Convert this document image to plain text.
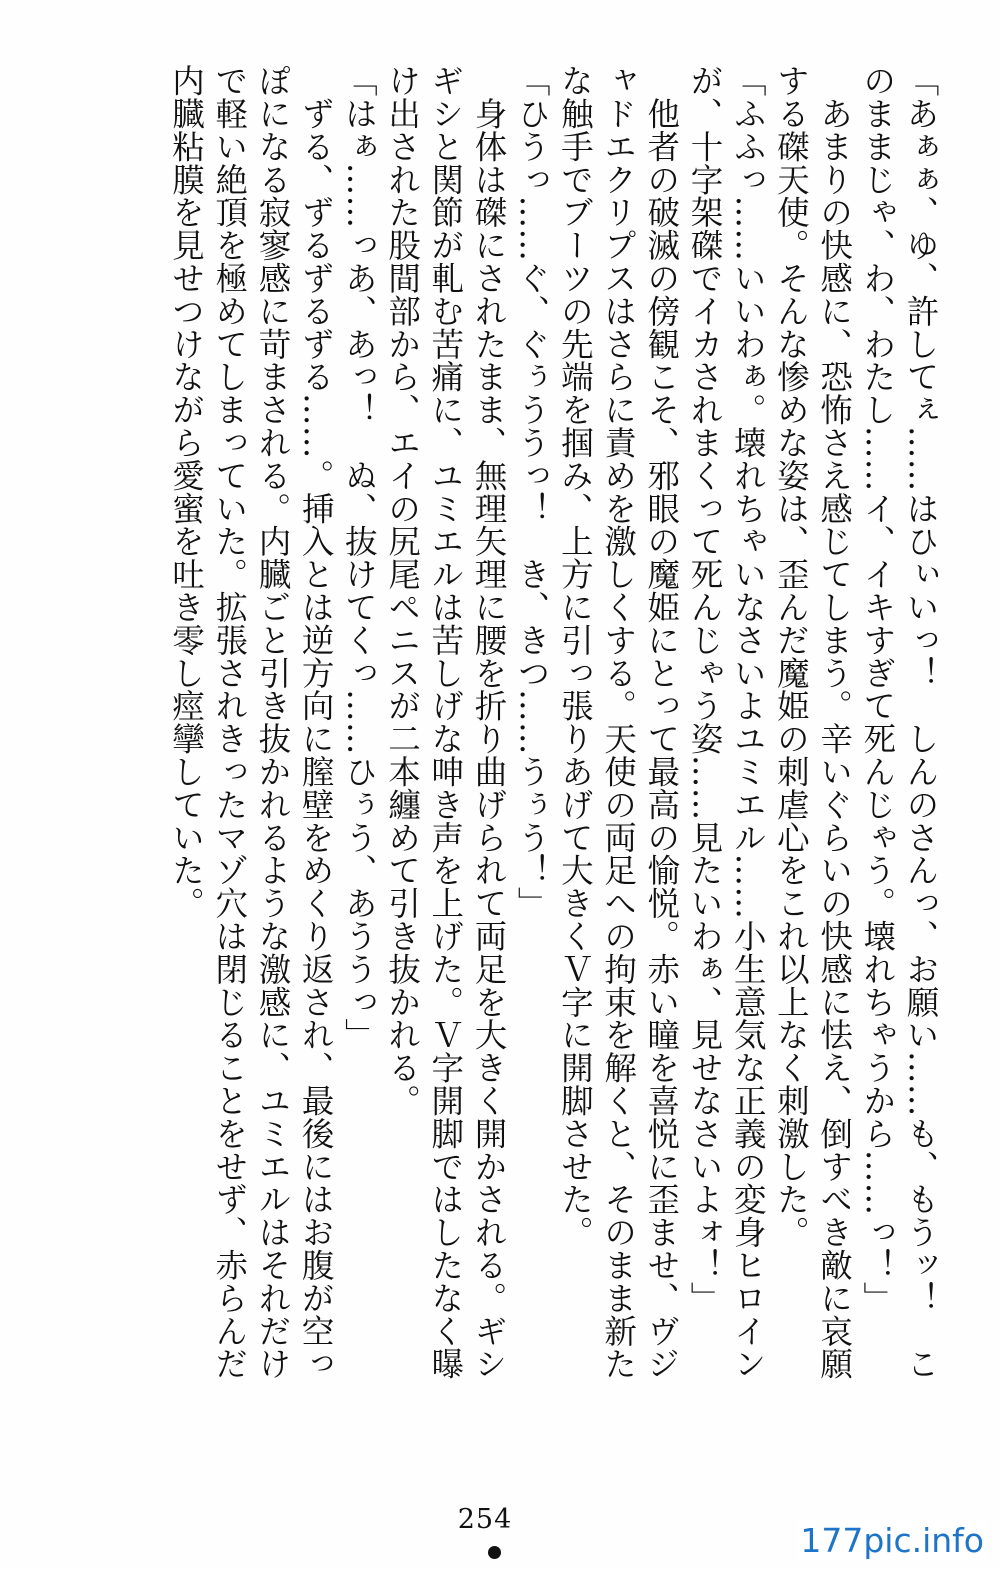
「あぁぁ、ゆ、許してぇ……はひぃいっ！　しんのさんっ、お願い……も、もうッ！　こ

のままじゃ、わ、わたし……イ、イキすぎて死んじゃう。壊れちゃうから……っ！」

　あまりの快感に、恐怖さえ感じてしまう。辛いぐらいの快感に怯え、倒すべき敵に哀願

する磔天使。そんな惨めな姿は、歪んだ魔姫の刺虐心をこれ以上なく刺激した。

「ふふっ……いいわぁ。壊れちゃいなさいよユミエル……小生意気な正義の変身ヒロイン

が、十字架磔でイカされまくって死んじゃう姿……見たいわぁ、見せなさいよォ！」

　他者の破滅の傍観こそ、邪眼の魔姫にとって最高の愉悦。赤い瞳を喜悦に歪ませ、ヴジ

ャドエクリプスはさらに責めを激しくする。天使の両足への拘束を解くと、そのまま新た

な触手でブーツの先端を掴み、上方に引っ張りあげて大きくＶ字に開脚させた。

「ひうっ……ぐ、ぐぅううっ！　き、きつ……うぅう！」

　身体は磔にされたまま、無理矢理に腰を折り曲げられて両足を大きく開かされる。ギシ

ギシと関節が軋む苦痛に、ユミエルは苦しげな呻き声を上げた。Ｖ字開脚ではしたなく曝

け出された股間部から、エイの尻尾ペニスが二本纏めて引き抜かれる。

「はぁ……っあ、あっ！　ぬ、抜けてくっ……ひぅう、あううっ」

　ずる、ずるずるずる……。挿入とは逆方向に膣壁をめくり返され、最後にはお腹が空っ

ぽになる寂寥感に苛まされる。内臓ごと引き抜かれるような激感に、ユミエルはそれだけ

で軽い絶頂を極めてしまっていた。拡張されきったマゾ穴は閉じることをせず、赤らんだ

内臓粘膜を見せつけながら愛蜜を吐き零し痙攣していた。

254
177pic.info
